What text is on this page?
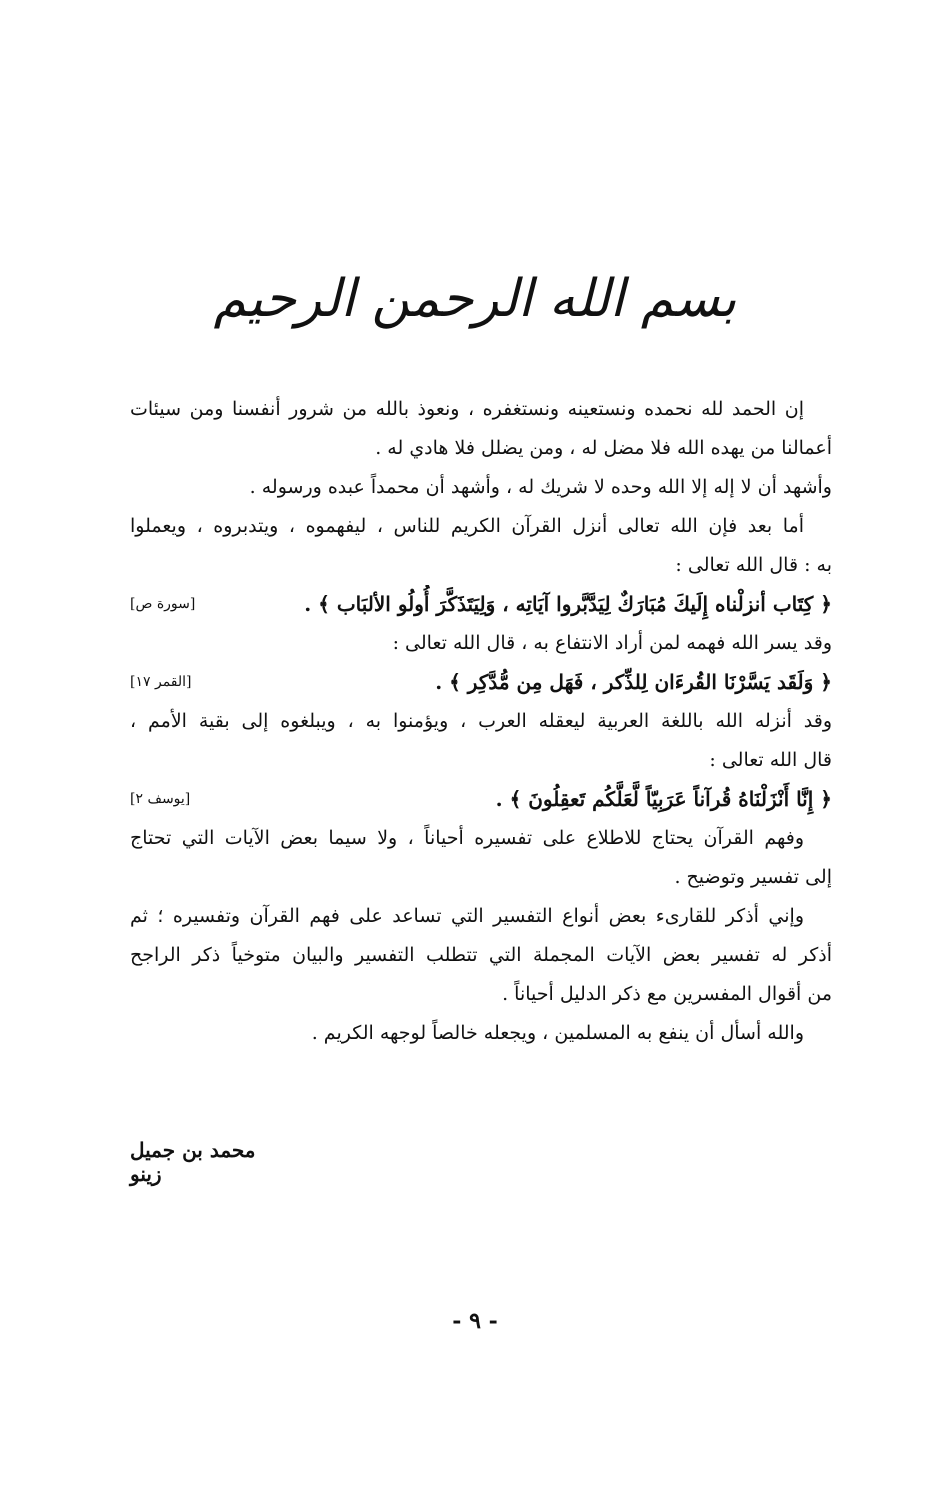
بسم الله الرحمن الرحيم
إن الحمد لله نحمده ونستعينه ونستغفره ، ونعوذ بالله من شرور أنفسنا ومن سيئات
أعمالنا من يهده الله فلا مضل له ، ومن يضلل فلا هادي له .
وأشهد أن لا إله إلا الله وحده لا شريك له ، وأشهد أن محمداً عبده ورسوله .
أما بعد فإن الله تعالى أنزل القرآن الكريم للناس ، ليفهموه ، ويتدبروه ، ويعملوا
به : قال الله تعالى :
﴿ كِتَاب أنزلْناه إِلَيكَ مُبَارَكٌ لِيَدَّبَّروا آيَاتِه ، وَلِيَتَذَكَّرَ أُولُو الألبَاب ﴾ .
[سورة ص]
وقد يسر الله فهمه لمن أراد الانتفاع به ، قال الله تعالى :
﴿ وَلَقَد يَسَّرْنَا القُرءَان لِلذِّكر ، فَهَل مِن مُّدَّكِر ﴾ .
[القمر ١٧]
وقد أنزله الله باللغة العربية ليعقله العرب ، ويؤمنوا به ، ويبلغوه إلى بقية الأمم ،
قال الله تعالى :
﴿ إِنَّا أَنْزَلْنَاهُ قُرآناً عَرَبِيّاً لَّعَلَّكُم تَعقِلُونَ ﴾ .
[يوسف ٢]
وفهم القرآن يحتاج للاطلاع على تفسيره أحياناً ، ولا سيما بعض الآيات التي تحتاج
إلى تفسير وتوضيح .
وإني أذكر للقارىء بعض أنواع التفسير التي تساعد على فهم القرآن وتفسيره ؛ ثم
أذكر له تفسير بعض الآيات المجملة التي تتطلب التفسير والبيان متوخياً ذكر الراجح
من أقوال المفسرين مع ذكر الدليل أحياناً .
والله أسأل أن ينفع به المسلمين ، ويجعله خالصاً لوجهه الكريم .
محمد بن جميل زينو
- ٩ -
